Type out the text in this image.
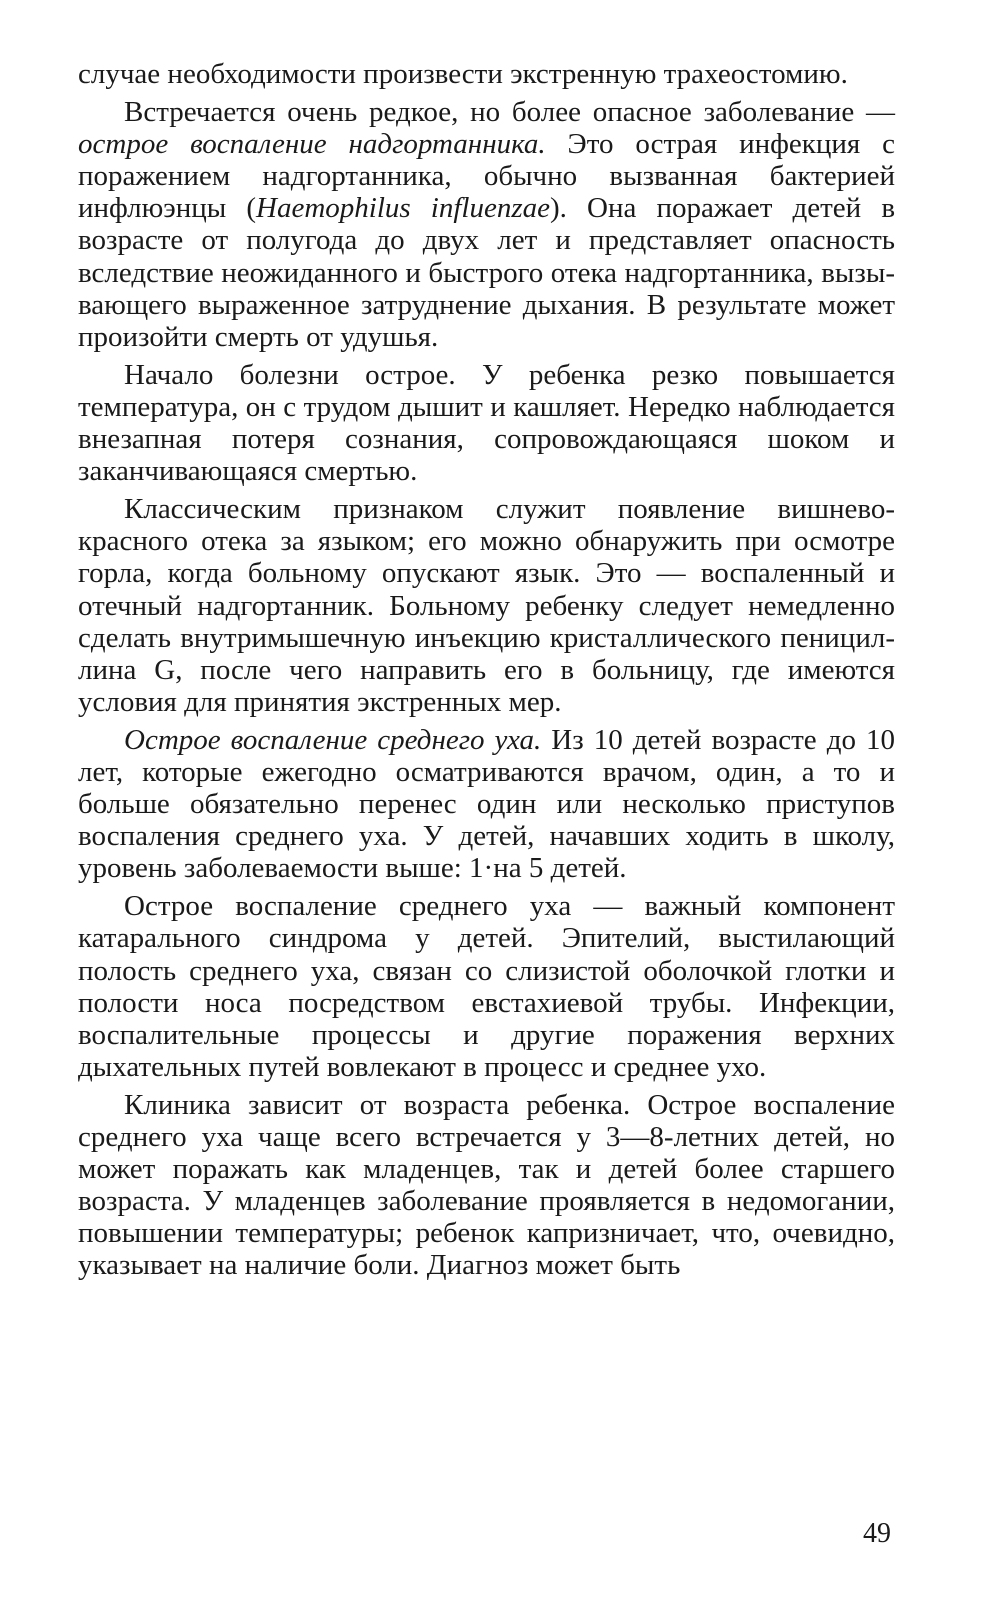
случае необходимости произвести экстренную трахеостомию.

Встречается очень редкое, но более опасное заболевание — острое воспаление надгортанника. Это острая инфекция с поражением надгортанника, обычно вызванная бактерией инфлюэнцы (Haemophilus influenzae). Она поражает детей в возрасте от полугода до двух лет и представляет опасность вследствие неожиданного и быстрого отека надгортанника, вызывающего выраженное затруднение дыхания. В результате может произойти смерть от удушья.

Начало болезни острое. У ребенка резко повышается температура, он с трудом дышит и кашляет. Нередко наблюдается внезапная потеря сознания, сопровождающаяся шоком и заканчивающаяся смертью.

Классическим признаком служит появление вишнево-красного отека за языком; его можно обнаружить при осмотре горла, когда больному опускают язык. Это — воспаленный и отечный надгортанник. Больному ребенку следует немедленно сделать внутримышечную инъекцию кристаллического пенициллина G, после чего направить его в больницу, где имеются условия для принятия экстренных мер.

Острое воспаление среднего уха. Из 10 детей возрасте до 10 лет, которые ежегодно осматриваются врачом, один, а то и больше обязательно перенес один или несколько приступов воспаления среднего уха. У детей, начавших ходить в школу, уровень заболеваемости выше: 1·на 5 детей.

Острое воспаление среднего уха — важный компонент катарального синдрома у детей. Эпителий, выстилающий полость среднего уха, связан со слизистой оболочкой глотки и полости носа посредством евстахиевой трубы. Инфекции, воспалительные процессы и другие поражения верхних дыхательных путей вовлекают в процесс и среднее ухо.

Клиника зависит от возраста ребенка. Острое воспаление среднего уха чаще всего встречается у 3—8-летних детей, но может поражать как младенцев, так и детей более старшего возраста. У младенцев заболевание проявляется в недомогании, повышении температуры; ребенок капризничает, что, очевидно, указывает на наличие боли. Диагноз может быть

49
